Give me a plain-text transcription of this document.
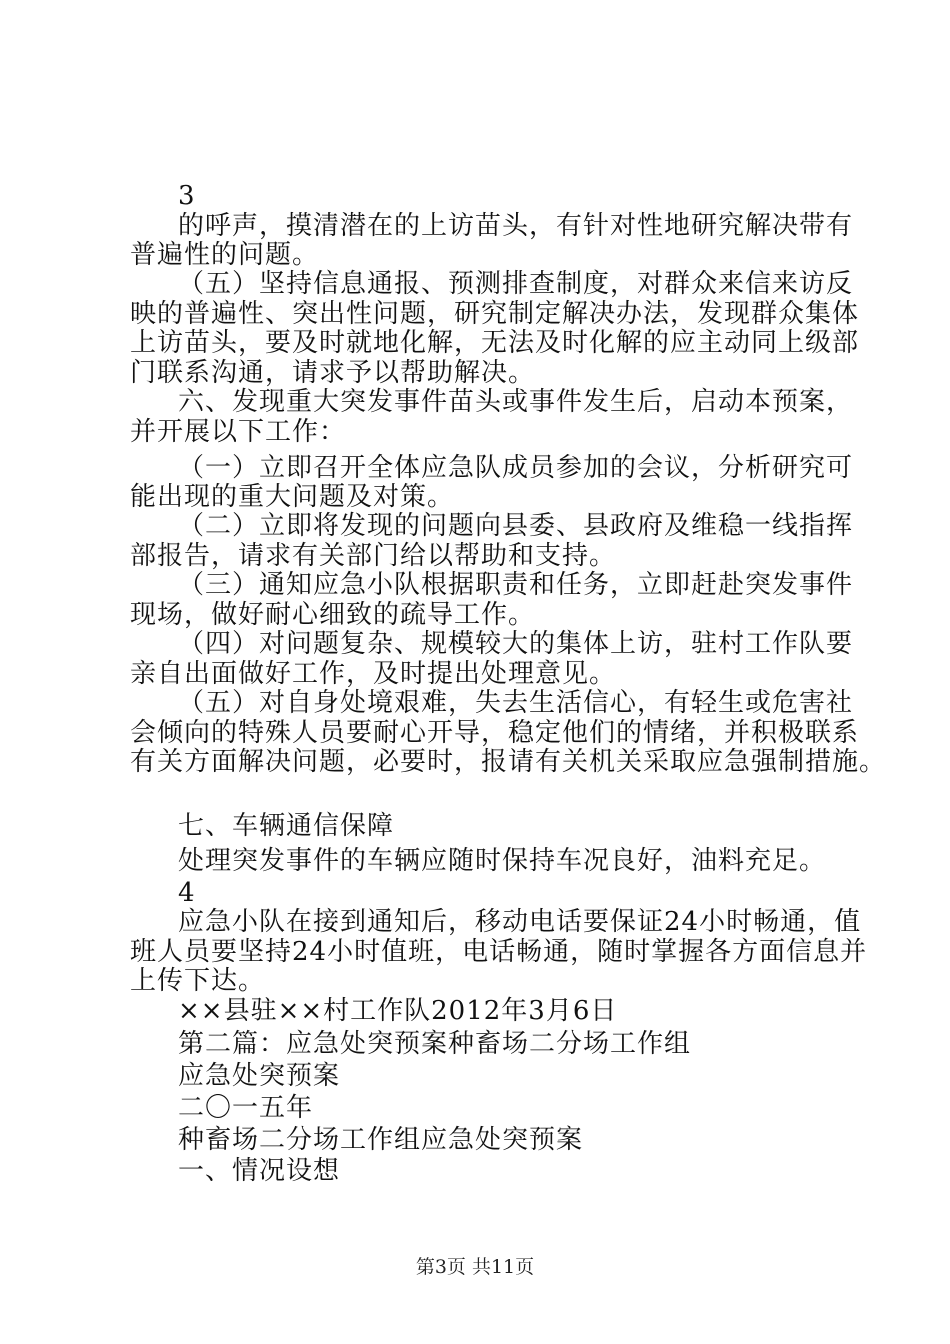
3
的呼声，摸清潜在的上访苗头，有针对性地研究解决带有
普遍性的问题。
（五）坚持信息通报、预测排查制度，对群众来信来访反
映的普遍性、突出性问题，研究制定解决办法，发现群众集体
上访苗头，要及时就地化解，无法及时化解的应主动同上级部
门联系沟通，请求予以帮助解决。
六、发现重大突发事件苗头或事件发生后，启动本预案，
并开展以下工作：
（一）立即召开全体应急队成员参加的会议，分析研究可
能出现的重大问题及对策。
（二）立即将发现的问题向县委、县政府及维稳一线指挥
部报告，请求有关部门给以帮助和支持。
（三）通知应急小队根据职责和任务，立即赶赴突发事件
现场，做好耐心细致的疏导工作。
（四）对问题复杂、规模较大的集体上访，驻村工作队要
亲自出面做好工作，及时提出处理意见。
（五）对自身处境艰难，失去生活信心，有轻生或危害社
会倾向的特殊人员要耐心开导，稳定他们的情绪，并积极联系
有关方面解决问题，必要时，报请有关机关采取应急强制措施。
七、车辆通信保障
处理突发事件的车辆应随时保持车况良好，油料充足。
4
应急小队在接到通知后，移动电话要保证24小时畅通，值
班人员要坚持24小时值班，电话畅通，随时掌握各方面信息并
上传下达。
××县驻××村工作队2012年3月6日
第二篇：应急处突预案种畜场二分场工作组
应急处突预案
二〇一五年
种畜场二分场工作组应急处突预案
一、情况设想
第3页 共11页
